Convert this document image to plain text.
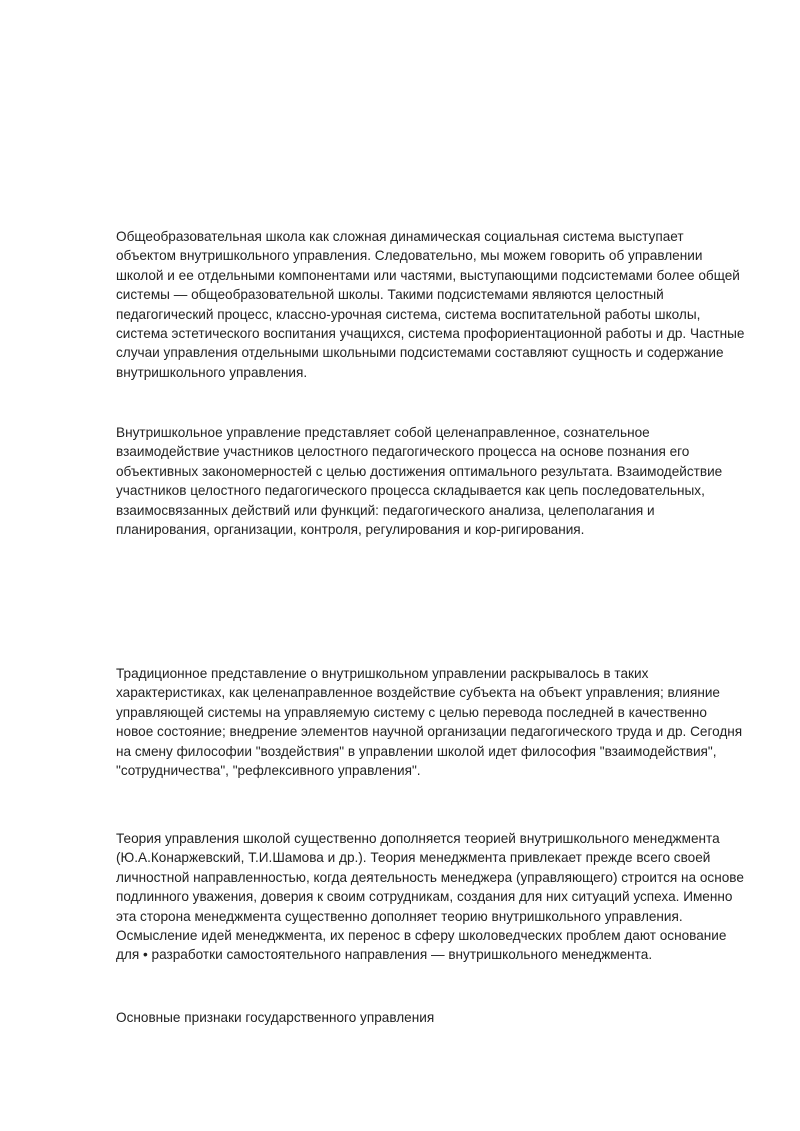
Общеобразовательная школа как сложная динамическая социальная система выступает объектом внутришкольного управления. Следовательно, мы можем говорить об управлении школой и ее отдельными компонентами или частями, выступающими подсистемами более общей системы — общеобразовательной школы. Такими подсистемами являются целостный педагогический процесс, классно-урочная система, система воспитательной работы школы, система эстетического воспитания учащихся, система профориентационной работы и др. Частные случаи управления отдельными школьными подсистемами составляют сущность и содержание внутришкольного управления.

Внутришкольное управление представляет собой целенаправленное, сознательное взаимодействие участников целостного педагогического процесса на основе познания его объективных закономерностей с целью достижения оптимального результата. Взаимодействие участников целостного педагогического процесса складывается как цепь последовательных, взаимосвязанных действий или функций: педагогического анализа, целеполагания и планирования, организации, контроля, регулирования и кор-ригирования.

Традиционное представление о внутришкольном управлении раскрывалось в таких характеристиках, как целенаправленное воздействие субъекта на объект управления; влияние управляющей системы на управляемую систему с целью перевода последней в качественно новое состояние; внедрение элементов научной организации педагогического труда и др. Сегодня на смену философии "воздействия" в управлении школой идет философия "взаимодействия", "сотрудничества", "рефлексивного управления".

Теория управления школой существенно дополняется теорией внутришкольного менеджмента (Ю.А.Конаржевский, Т.И.Шамова и др.). Теория менеджмента привлекает прежде всего своей личностной направленностью, когда деятельность менеджера (управляющего) строится на основе подлинного уважения, доверия к своим сотрудникам, создания для них ситуаций успеха. Именно эта сторона менеджмента существенно дополняет теорию внутришкольного управления. Осмысление идей менеджмента, их перенос в сферу школоведческих проблем дают основание для • разработки самостоятельного направления — внутришкольного менеджмента.

Основные признаки государственного управления
